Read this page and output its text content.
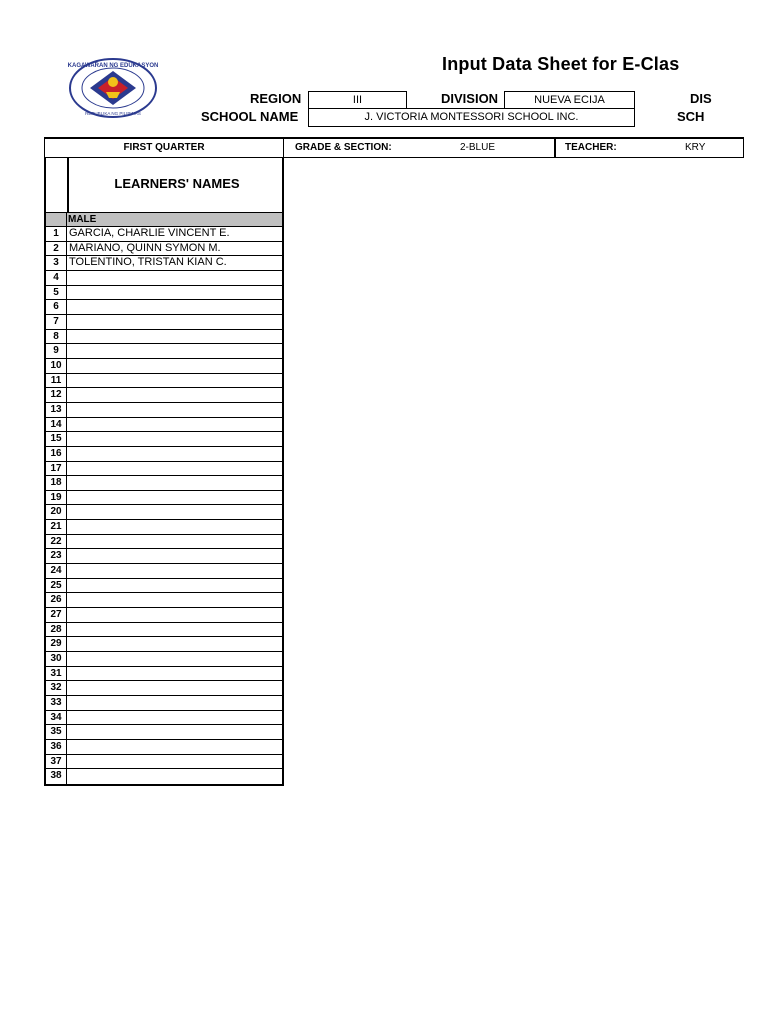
KAGAWARAN NG EDUKASYON
REPUBLIKA NG PILIPINAS
Input Data Sheet for E-Clas
REGION	III	DIVISION	NUEVA ECIJA	DIS
SCHOOL NAME	J. VICTORIA MONTESSORI SCHOOL INC.	SCH
FIRST QUARTER	GRADE & SECTION:	2-BLUE	TEACHER:	KRY
LEARNERS' NAMES
MALE
1 GARCIA, CHARLIE VINCENT E.
2 MARIANO, QUINN SYMON M.
3 TOLENTINO, TRISTAN KIAN C.
4
5
6
7
8
9
10
11
12
13
14
15
16
17
18
19
20
21
22
23
24
25
26
27
28
29
30
31
32
33
34
35
36
37
38
